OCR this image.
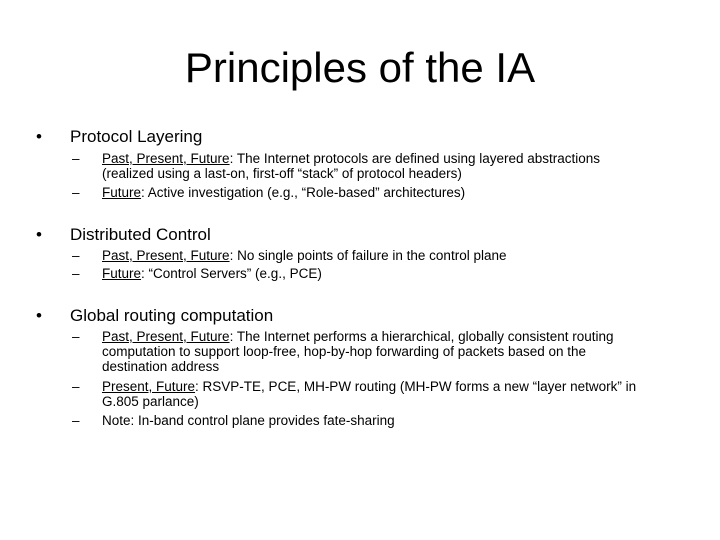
Principles of the IA
• Protocol Layering
– Past, Present, Future: The Internet protocols are defined using layered abstractions (realized using a last-on, first-off “stack” of protocol headers)
– Future: Active investigation (e.g., “Role-based” architectures)
• Distributed Control
– Past, Present, Future: No single points of failure in the control plane
– Future: “Control Servers” (e.g., PCE)
• Global routing computation
– Past, Present, Future: The Internet performs a hierarchical, globally consistent routing computation to support loop-free, hop-by-hop forwarding of packets based on the destination address
– Present, Future: RSVP-TE, PCE, MH-PW routing (MH-PW forms a new “layer network” in G.805 parlance)
– Note: In-band control plane provides fate-sharing
